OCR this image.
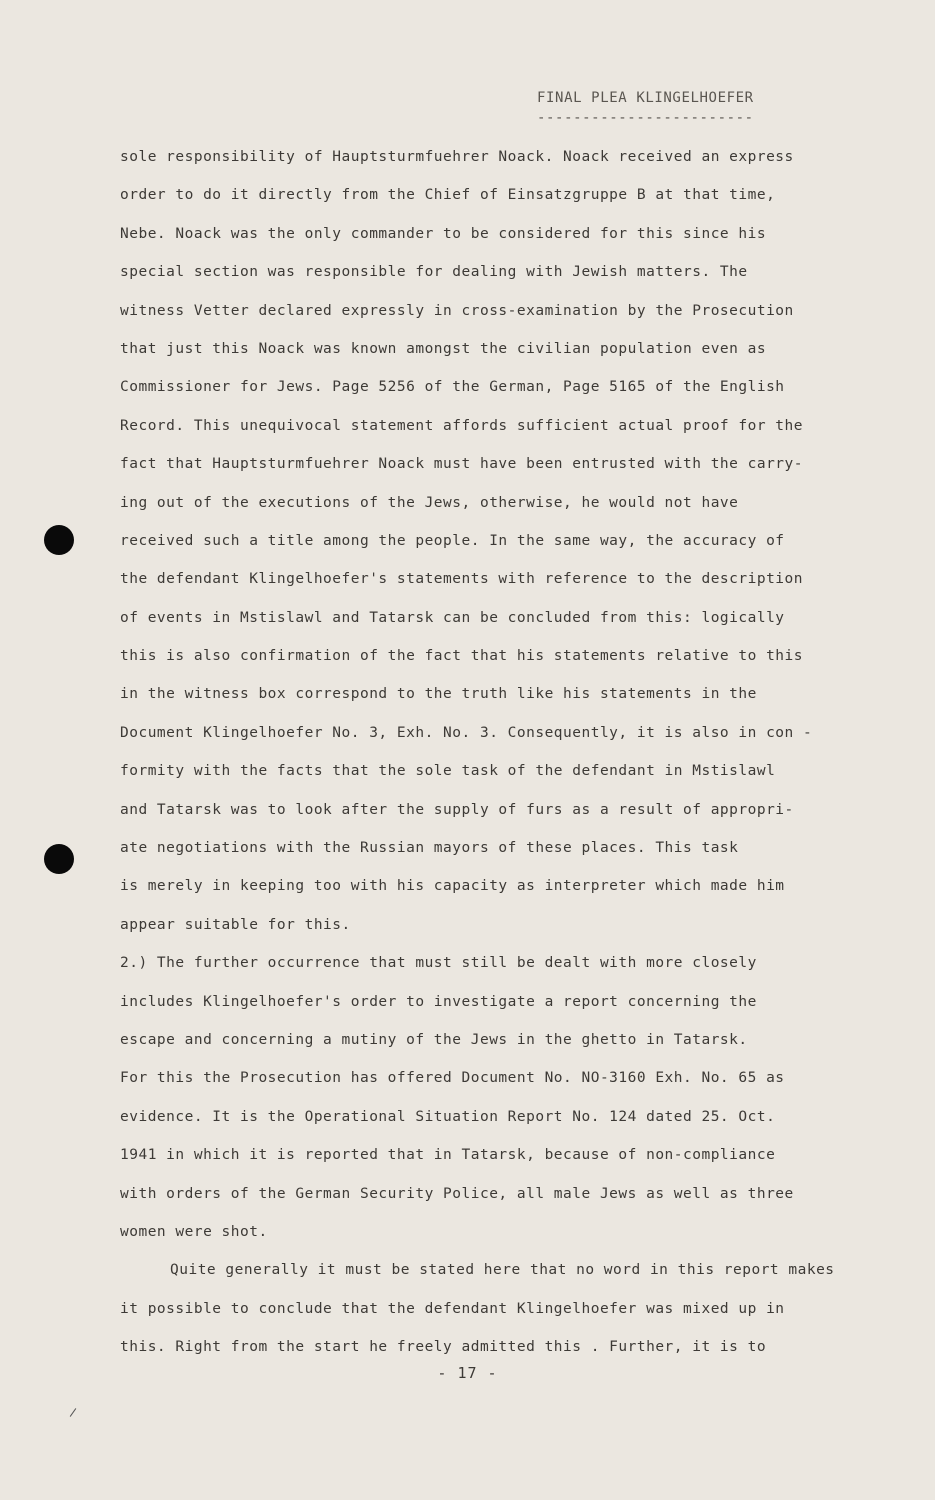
FINAL PLEA KLINGELHOEFER
------------------------
sole responsibility of Hauptsturmfuehrer Noack. Noack received an express
order to do it directly from the Chief of Einsatzgruppe B at that time,
Nebe. Noack was the only commander to be considered for this since his
special section was responsible for dealing with Jewish matters. The
witness Vetter declared expressly in cross-examination by the Prosecution
that just this Noack was known amongst the civilian population even as
Commissioner for Jews. Page 5256 of the German, Page 5165 of the English
Record. This unequivocal statement affords sufficient actual proof for the
fact that Hauptsturmfuehrer Noack must have been entrusted with the carry-
ing out of the executions of the Jews, otherwise, he would not have
received such a title among the people. In the same way, the accuracy of
the defendant Klingelhoefer's statements with reference to the description
of events in Mstislawl and Tatarsk can be concluded from this: logically
this is also confirmation of the fact that his statements relative to this
in the witness box correspond to the truth like his statements in the
Document Klingelhoefer No. 3, Exh. No. 3. Consequently, it is also in con -
formity with the facts that the sole task of the defendant in Mstislawl
and Tatarsk was to look after the supply of furs as a result of appropri-
ate negotiations with the Russian mayors of these places. This task
is merely in keeping too with his capacity as interpreter which made him
appear suitable for this.
2.) The further occurrence that must still be dealt with more closely
includes Klingelhoefer's order to investigate a report concerning the
escape and concerning a mutiny of the Jews in the ghetto in Tatarsk.
For this the Prosecution has offered Document No. NO-3160 Exh. No. 65 as
evidence. It is the Operational Situation Report No. 124 dated 25. Oct.
1941 in which it is reported that in Tatarsk, because of non-compliance
with orders of the German Security Police, all male Jews as well as three
women were shot.
Quite generally it must be stated here that no word in this report makes
it possible to conclude that the defendant Klingelhoefer was mixed up in
this. Right from the start he freely admitted this . Further, it is to
- 17 -
